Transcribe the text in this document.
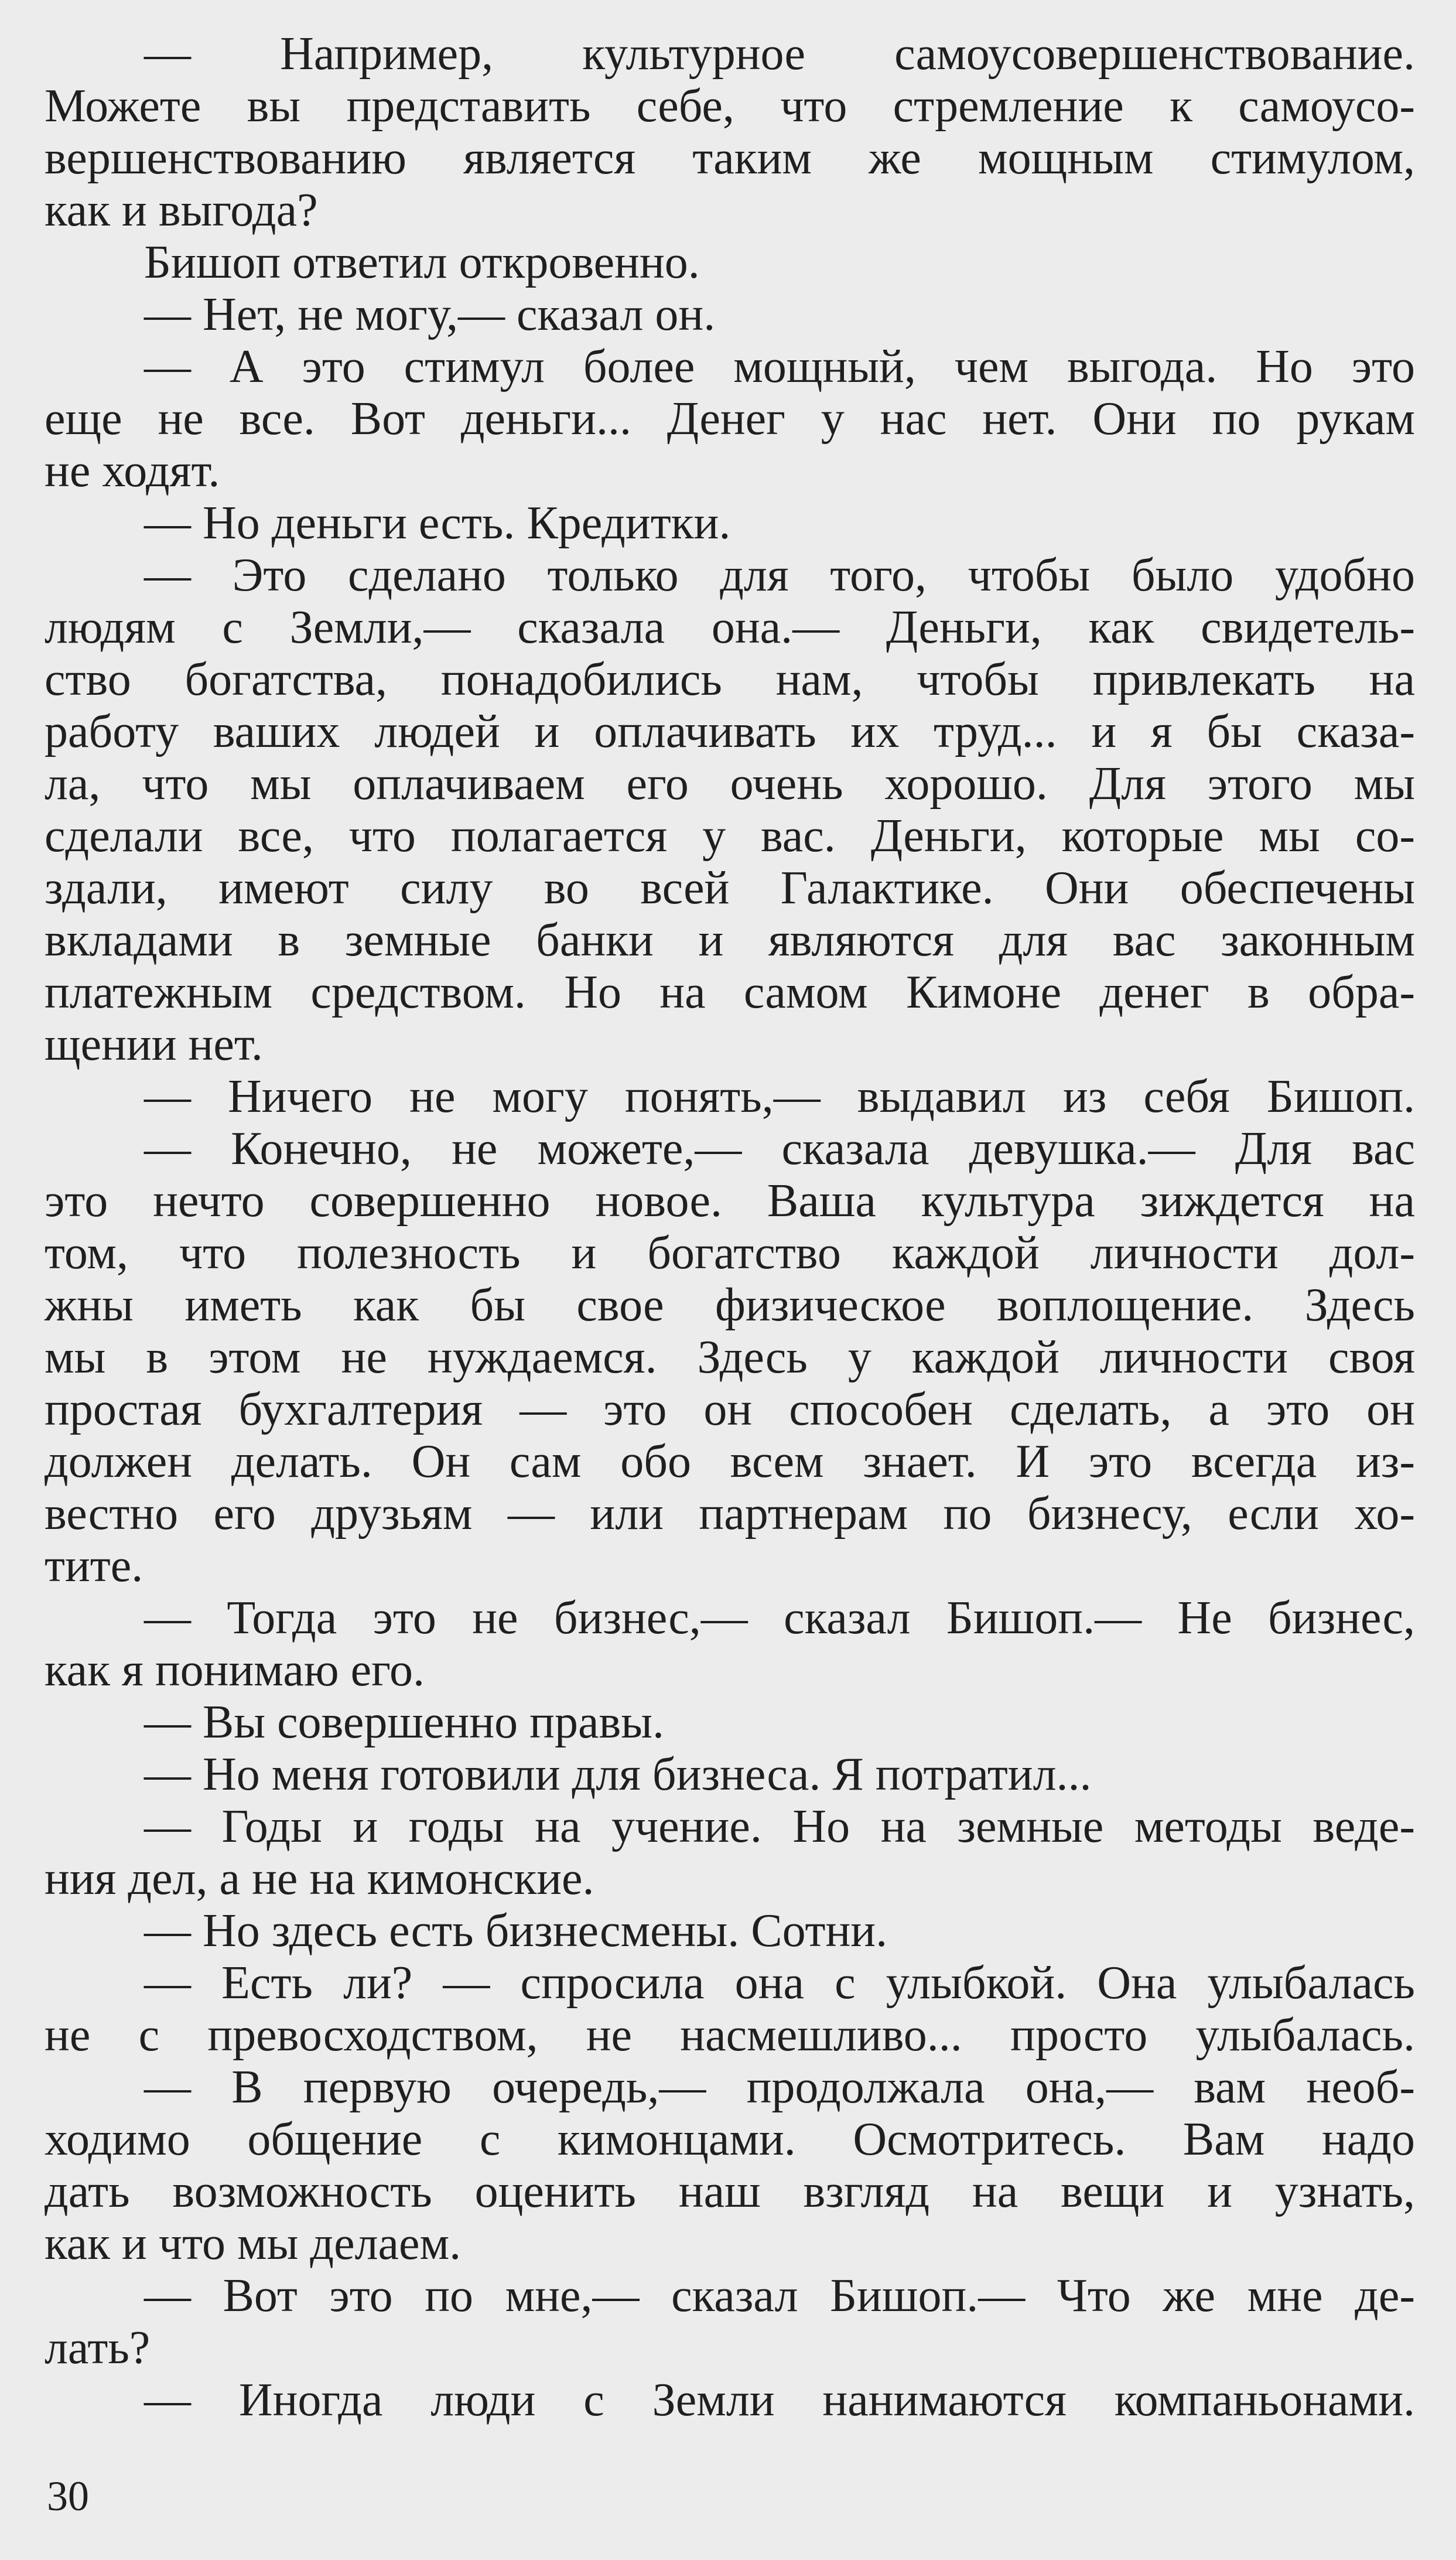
— Например, культурное самоусовершенствование.
Можете вы представить себе, что стремление к самоусо-
вершенствованию является таким же мощным стимулом,
как и выгода?
Бишоп ответил откровенно.
— Нет, не могу,— сказал он.
— А это стимул более мощный, чем выгода. Но это
еще не все. Вот деньги... Денег у нас нет. Они по рукам
не ходят.
— Но деньги есть. Кредитки.
— Это сделано только для того, чтобы было удобно
людям с Земли,— сказала она.— Деньги, как свидетель-
ство богатства, понадобились нам, чтобы привлекать на
работу ваших людей и оплачивать их труд... и я бы сказа-
ла, что мы оплачиваем его очень хорошо. Для этого мы
сделали все, что полагается у вас. Деньги, которые мы со-
здали, имеют силу во всей Галактике. Они обеспечены
вкладами в земные банки и являются для вас законным
платежным средством. Но на самом Кимоне денег в обра-
щении нет.
— Ничего не могу понять,— выдавил из себя Бишоп.
— Конечно, не можете,— сказала девушка.— Для вас
это нечто совершенно новое. Ваша культура зиждется на
том, что полезность и богатство каждой личности дол-
жны иметь как бы свое физическое воплощение. Здесь
мы в этом не нуждаемся. Здесь у каждой личности своя
простая бухгалтерия — это он способен сделать, а это он
должен делать. Он сам обо всем знает. И это всегда из-
вестно его друзьям — или партнерам по бизнесу, если хо-
тите.
— Тогда это не бизнес,— сказал Бишоп.— Не бизнес,
как я понимаю его.
— Вы совершенно правы.
— Но меня готовили для бизнеса. Я потратил...
— Годы и годы на учение. Но на земные методы веде-
ния дел, а не на кимонские.
— Но здесь есть бизнесмены. Сотни.
— Есть ли? — спросила она с улыбкой. Она улыбалась
не с превосходством, не насмешливо... просто улыбалась.
— В первую очередь,— продолжала она,— вам необ-
ходимо общение с кимонцами. Осмотритесь. Вам надо
дать возможность оценить наш взгляд на вещи и узнать,
как и что мы делаем.
— Вот это по мне,— сказал Бишоп.— Что же мне де-
лать?
— Иногда люди с Земли нанимаются компаньонами.
30
